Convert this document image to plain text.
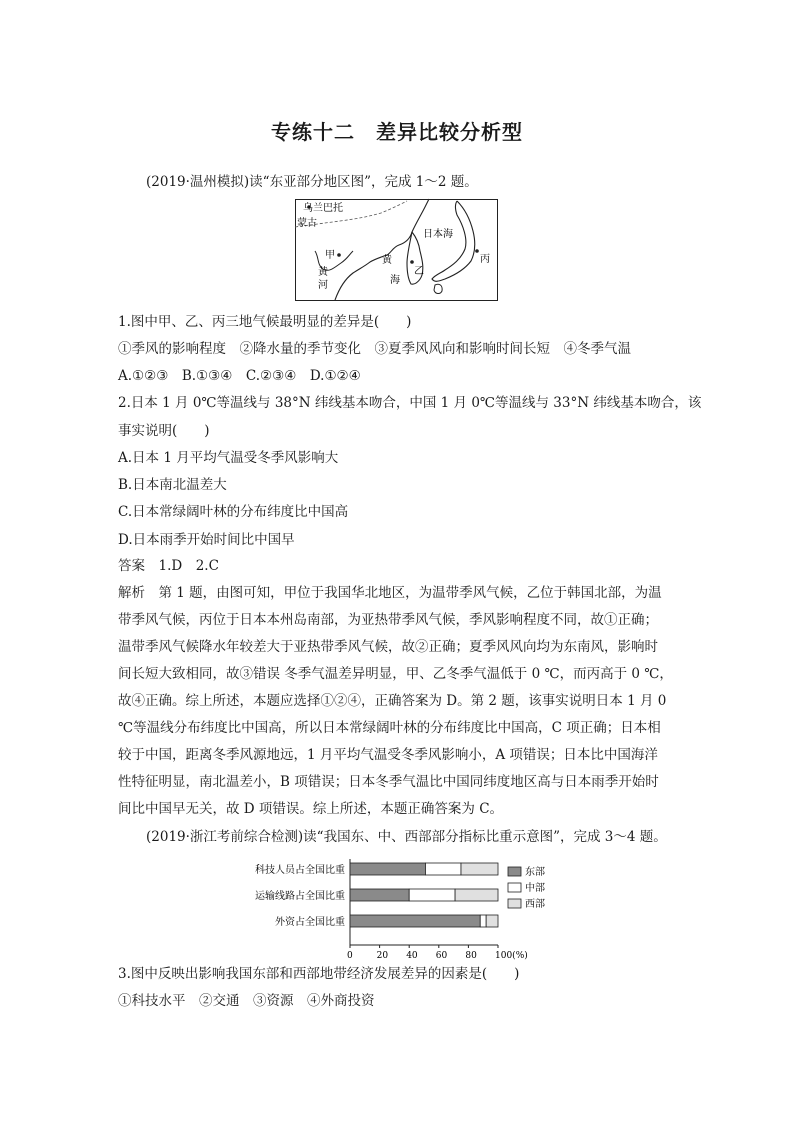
专练十二　差异比较分析型
(2019·温州模拟)读“东亚部分地区图”，完成 1～2 题。
乌兰巴托
蒙古
甲
黄
河
黄
海
乙
日本海
丙
1.图中甲、乙、丙三地气候最明显的差异是(　　)
①季风的影响程度　②降水量的季节变化　③夏季风风向和影响时间长短　④冬季气温
A.①②③　B.①③④　C.②③④　D.①②④
2.日本 1 月 0℃等温线与 38°N 纬线基本吻合，中国 1 月 0℃等温线与 33°N 纬线基本吻合，该
事实说明(　　)
A.日本 1 月平均气温受冬季风影响大
B.日本南北温差大
C.日本常绿阔叶林的分布纬度比中国高
D.日本雨季开始时间比中国早
答案　1.D　2.C
解析　第 1 题，由图可知，甲位于我国华北地区，为温带季风气候，乙位于韩国北部，为温
带季风气候，丙位于日本本州岛南部，为亚热带季风气候，季风影响程度不同，故①正确；
温带季风气候降水年较差大于亚热带季风气候，故②正确；夏季风风向均为东南风，影响时
间长短大致相同，故③错误 冬季气温差异明显，甲、乙冬季气温低于 0 ℃，而丙高于 0 ℃，
故④正确。综上所述，本题应选择①②④，正确答案为 D。第 2 题，该事实说明日本 1 月 0
℃等温线分布纬度比中国高，所以日本常绿阔叶林的分布纬度比中国高，C 项正确；日本相
较于中国，距离冬季风源地远，1 月平均气温受冬季风影响小，A 项错误；日本比中国海洋
性特征明显，南北温差小，B 项错误；日本冬季气温比中国同纬度地区高与日本雨季开始时
间比中国早无关，故 D 项错误。综上所述，本题正确答案为 C。
(2019·浙江考前综合检测)读“我国东、中、西部部分指标比重示意图”，完成 3～4 题。
0	20 40 60 80 100(%)
科技人员占全国比重
运输线路占全国比重
外资占全国比重
东部
中部
西部
3.图中反映出影响我国东部和西部地带经济发展差异的因素是(　　)
①科技水平　②交通　③资源　④外商投资
